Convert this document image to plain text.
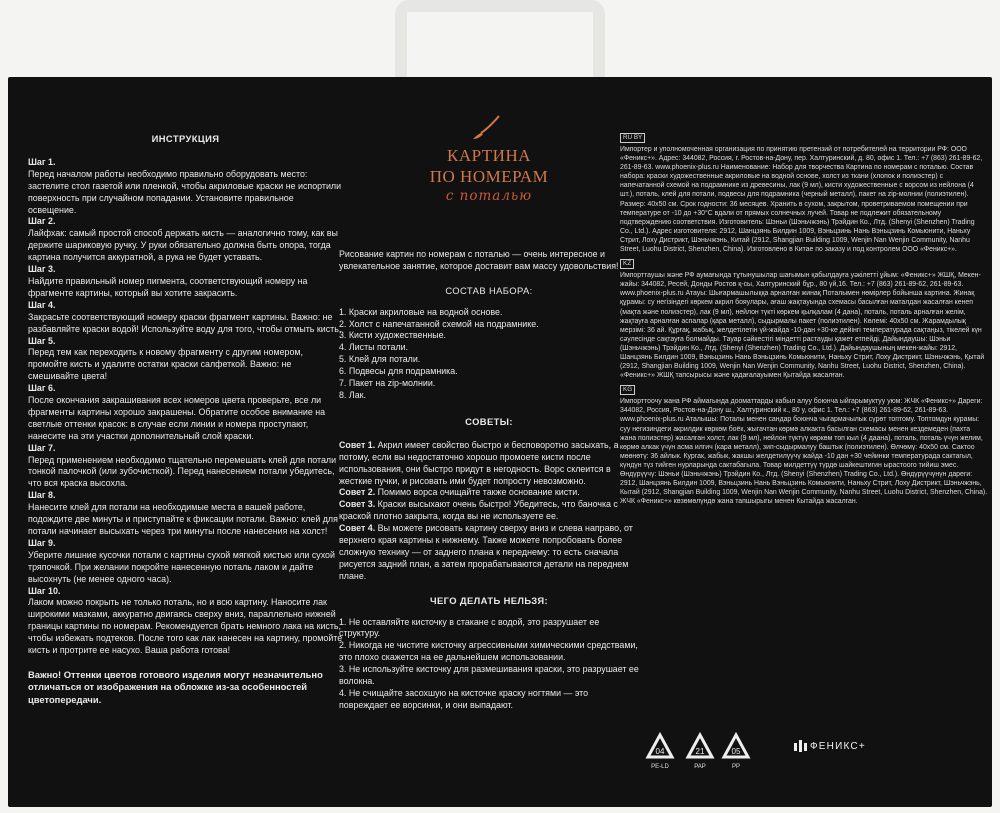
ИНСТРУКЦИЯ
Шаг 1.
Перед началом работы необходимо правильно оборудовать место: застелите стол газетой или пленкой, чтобы акриловые краски не испортили поверхность при случайном попадании. Установите правильное освещение.
Шаг 2.
Лайфхак: самый простой способ держать кисть — аналогично тому, как вы держите шариковую ручку. У руки обязательно должна быть опора, тогда картина получится аккуратной, а рука не будет уставать.
Шаг 3.
Найдите правильный номер пигмента, соответствующий номеру на фрагменте картины, который вы хотите закрасить.
Шаг 4.
Закрасьте соответствующий номеру краски фрагмент картины. Важно: не разбавляйте краски водой! Используйте воду для того, чтобы отмыть кисть.
Шаг 5.
Перед тем как переходить к новому фрагменту с другим номером, промойте кисть и удалите остатки краски салфеткой. Важно: не смешивайте цвета!
Шаг 6.
После окончания закрашивания всех номеров цвета проверьте, все ли фрагменты картины хорошо закрашены. Обратите особое внимание на светлые оттенки красок: в случае если линии и номера проступают, нанесите на эти участки дополнительный слой краски.
Шаг 7.
Перед применением необходимо тщательно перемешать клей для потали тонкой палочкой (или зубочисткой). Перед нанесением потали убедитесь, что вся краска высохла.
Шаг 8.
Нанесите клей для потали на необходимые места в вашей работе, подождите две минуты и приступайте к фиксации потали. Важно: клей для потали начинает высыхать через три минуты после нанесения на холст!
Шаг 9.
Уберите лишние кусочки потали с картины сухой мягкой кистью или сухой тряпочкой. При желании покройте нанесенную поталь лаком и дайте высохнуть (не менее одного часа).
Шаг 10.
Лаком можно покрыть не только поталь, но и всю картину. Наносите лак широкими мазками, аккуратно двигаясь сверху вниз, параллельно нижней границы картины по номерам. Рекомендуется брать немного лака на кисть, чтобы избежать подтеков. После того как лак нанесен на картину, промойте кисть и протрите ее насухо. Ваша работа готова!
Важно! Оттенки цветов готового изделия могут незначительно отличаться от изображения на обложке из-за особенностей цветопередачи.
КАРТИНА
ПО НОМЕРАМ
с поталью
Рисование картин по номерам с поталью — очень интересное и увлекательное занятие, которое доставит вам массу удовольствия!
СОСТАВ НАБОРА:
1. Краски акриловые на водной основе.
2. Холст с напечатанной схемой на подрамнике.
3. Кисти художественные.
4. Листы потали.
5. Клей для потали.
6. Подвесы для подрамника.
7. Пакет на zip-молнии.
8. Лак.
СОВЕТЫ:
Совет 1. Акрил имеет свойство быстро и бесповоротно засыхать, а потому, если вы недостаточно хорошо промоете кисти после использования, они быстро придут в негодность. Ворс склеится в жесткие пучки, и рисовать ими будет попросту невозможно.
Совет 2. Помимо ворса очищайте также основание кисти.
Совет 3. Краски высыхают очень быстро! Убедитесь, что баночка с краской плотно закрыта, когда вы не используете ее.
Совет 4. Вы можете рисовать картину сверху вниз и слева направо, от верхнего края картины к нижнему. Также можете попробовать более сложную технику — от заднего плана к переднему: то есть сначала рисуется задний план, а затем прорабатываются детали на переднем плане.
ЧЕГО ДЕЛАТЬ НЕЛЬЗЯ:
1. Не оставляйте кисточку в стакане с водой, это разрушает ее структуру.
2. Никогда не чистите кисточку агрессивными химическими средствами, это плохо скажется на ее дальнейшем использовании.
3. Не используйте кисточку для размешивания краски, это разрушает ее волокна.
4. Не счищайте засохшую на кисточке краску ногтями — это повреждает ее ворсинки, и они выпадают.
RU BY
Импортер и уполномоченная организация по принятию претензий от потребителей на территории РФ: ООО «Феникс+». Адрес: 344082, Россия, г. Ростов-на-Дону, пер. Халтуринский, д. 80, офис 1. Тел.: +7 (863) 261-89-62, 261-89-63. www.phoenix-plus.ru Наименование: Набор для творчества Картина по номерам с поталью. Состав набора: краски художественные акриловые на водной основе, холст из ткани (хлопок и полиэстер) с напечатанной схемой на подрамнике из древесины, лак (9 мл), кисти художественные с ворсом из нейлона (4 шт.), поталь, клей для потали, подвесы для подрамника (черный металл), пакет на zip-молнии (полиэтилен). Размер: 40х50 см. Срок годности: 36 месяцев. Хранить в сухом, закрытом, проветриваемом помещении при температуре от -10 до +30°С вдали от прямых солнечных лучей. Товар не подлежит обязательному подтверждению соответствия. Изготовитель: Шэньи (Шэньчжэнь) Трэйдин Ко., Лтд. (Shenyi (Shenzhen) Trading Co., Ltd.). Адрес изготовителя: 2912, Шанцзянь Билдин 1009, Вэньцзинь Нань Вэньцзинь Комьюнити, Наньху Стрит, Лоху Дистрикт, Шэньчжэнь, Китай (2912, Shangjian Building 1009, Wenjin Nan Wenjin Community, Nanhu Street, Luohu District, Shenzhen, China). Изготовлено в Китае по заказу и под контролем ООО «Феникс+».
KZ
Импорттаушы және РФ аумағында тұтынушылар шағымын қабылдауға уәкілетті ұйым: «Феникс+» ЖШҚ, Мекен-жайы: 344082, Ресей, Донды Ростов қ-сы, Халтуринский бұр., 80 үй,16. Тел.: +7 (863) 261-89-62, 261-89-63. www.phoenix-plus.ru Атауы: Шығармашылыққа арналған жинақ Поталымен нөмірлер бойынша картина. Жинақ құрамы: су негізіндегі көркем акрил бояулары, ағаш жақтауында схемасы басылған маталдан жасалған кенеп (мақта және полиэстер), лак (9 мл), нейлон түкті көркем қылқалам (4 дана), поталь, поталь арналған желім, жақтауға арналған аспалар (қара металл), сыдырмалы пакет (полиэтилен). Көлемі: 40х50 см. Жарамдылық мерзімі: 36 ай. Құрғақ, жабық, желдетілетін үй-жайда -10-дан +30-ке дейінгі температурада сақтаңыз, тікелей күн сәулесінде сақтауға болмайды. Тауар сәйкестігі міндетті растауды қажет етпейді. Дайындаушы: Шэньи (Шэньчжэнь) Трэйдин Ко., Лтд. (Shenyi (Shenzhen) Trading Co., Ltd.). Дайындаушының мекен-жайы: 2912, Шанцзянь Билдин 1009, Вэньцзинь Нань Вэньцзинь Комьюнити, Наньху Стрит, Лоху Дистрикт, Шэньчжэнь, Қытай (2912, Shangjian Building 1009, Wenjin Nan Wenjin Community, Nanhu Street, Luohu District, Shenzhen, China). «Феникс+» ЖШҚ тапсырысы және қадағалауымен Қытайда жасалған.
KG
Импорттоочу жана РФ аймагында дооматтарды кабыл алуу боюнча ыйгарымуктуу уюм: ЖЧК «Феникс+» Дареги: 344082, Россия, Ростов-на-Дону ш., Халтуринский к., 80 у, офис 1. Тел.: +7 (863) 261-89-62, 261-89-63. www.phoenix-plus.ru Аталышы: Поталы менен сандар боюнча чыгармачылык сүрөт топтому. Топтомдун курамы: суу негизиндеги акрилдик көркөм боёк, жыгачтан көрмө алкакта басылган схемасы менен кездемеден (пахта жана полиэстер) жасалган холст, лак (9 мл), нейлон түктүү көркөм топ кыл (4 даана), поталь, поталь үчүн желим, көрмө алкак үчүн асма илгич (кара металл), зип-сыдырмалуу баштык (полиэтилен). Өлчөмү: 40х50 см. Сактоо мөөнөтү: 36 айлык. Кургак, жабык, жакшы желдетилүүчү жайда -10 дан +30 чейинки температурада сактагыл, күндүн түз тийген нурларында сактабагыла. Товар милдеттүү түрдө шайкештигин ырастоого тийиш эмес. Өндүрүүчү: Шэньи (Шэньчжэнь) Трэйдин Ко., Лтд. (Shenyi (Shenzhen) Trading Co., Ltd.). Өндүрүүчүнүн дареги: 2912, Шанцзянь Билдин 1009, Вэньцзинь Нань Вэньцзинь Комьюнити, Наньху Стрит, Лоху Дистрикт, Шэньчжэнь, Кытай (2912, Shangjian Building 1009, Wenjin Nan Wenjin Community, Nanhu Street, Luohu District, Shenzhen, China). ЖЧК «Феникс+» көзөмөлүндө жана тапшырыгы менен Кытайда жасалган.
04
PE-LD
21
PAP
05
PP
ФЕНИКС+
